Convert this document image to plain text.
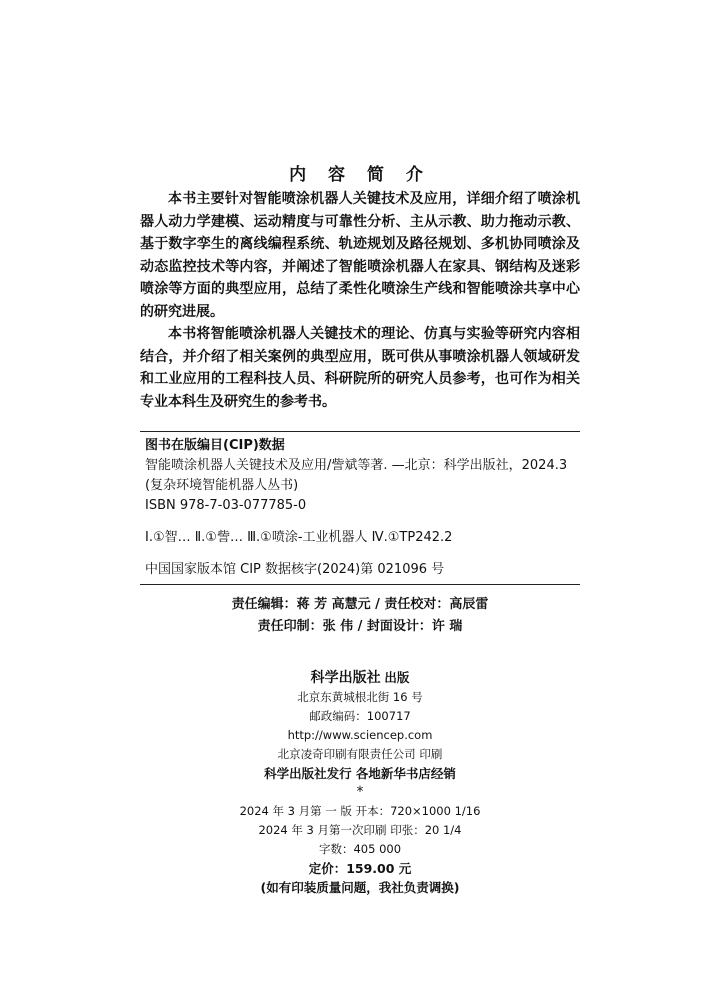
内 容 简 介

本书主要针对智能喷涂机器人关键技术及应用，详细介绍了喷涂机器人动力学建模、运动精度与可靠性分析、主从示教、助力拖动示教、基于数字孪生的离线编程系统、轨迹规划及路径规划、多机协同喷涂及动态监控技术等内容，并阐述了智能喷涂机器人在家具、钢结构及迷彩喷涂等方面的典型应用，总结了柔性化喷涂生产线和智能喷涂共享中心的研究进展。

本书将智能喷涂机器人关键技术的理论、仿真与实验等研究内容相结合，并介绍了相关案例的典型应用，既可供从事喷涂机器人领域研发和工业应用的工程科技人员、科研院所的研究人员参考，也可作为相关专业本科生及研究生的参考书。

图书在版编目(CIP)数据
智能喷涂机器人关键技术及应用/訾斌等著. —北京：科学出版社，2024.3
(复杂环境智能机器人丛书)
ISBN 978-7-03-077785-0
Ⅰ.①智… Ⅱ.①訾… Ⅲ.①喷涂-工业机器人 Ⅳ.①TP242.2
中国国家版本馆 CIP 数据核字(2024)第 021096 号
责任编辑：蒋 芳 高慧元 / 责任校对：高辰雷
责任印制：张 伟 / 封面设计：许 瑞
科学出版社 出版
北京东黄城根北街 16 号
邮政编码：100717
http://www.sciencep.com
北京凌奇印刷有限责任公司 印刷
科学出版社发行 各地新华书店经销
*
2024 年 3 月第 一 版 开本：720×1000 1/16
2024 年 3 月第一次印刷 印张：20 1/4
字数：405 000
定价：159.00 元
(如有印装质量问题，我社负责调换)
